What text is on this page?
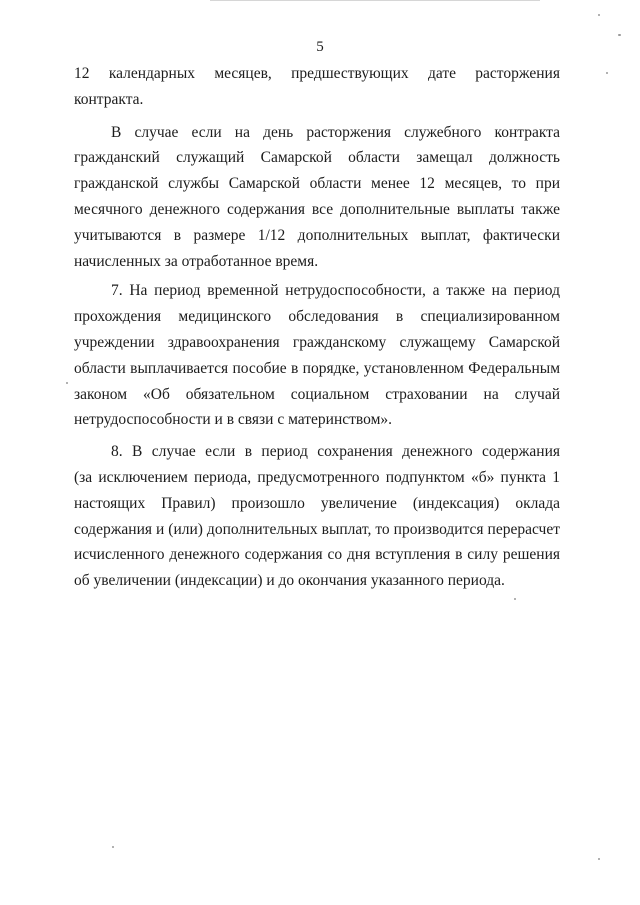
5
12 календарных месяцев, предшествующих дате расторжения
контракта.
В случае если на день расторжения служебного контракта
гражданский служащий Самарской области замещал должность
гражданской службы Самарской области менее 12 месяцев, то при
месячного денежного содержания все дополнительные выплаты также
учитываются в размере 1/12 дополнительных выплат, фактически
начисленных за отработанное время.
7. На период временной нетрудоспособности, а также на период
прохождения медицинского обследования в специализированном
учреждении здравоохранения гражданскому служащему Самарской
области выплачивается пособие в порядке, установленном Федеральным
законом «Об обязательном социальном страховании на случай
нетрудоспособности и в связи с материнством».
8. В случае если в период сохранения денежного содержания
(за исключением периода, предусмотренного подпунктом «б» пункта 1
настоящих Правил) произошло увеличение (индексация) оклада
содержания и (или) дополнительных выплат, то производится перерасчет
исчисленного денежного содержания со дня вступления в силу решения
об увеличении (индексации) и до окончания указанного периода.
